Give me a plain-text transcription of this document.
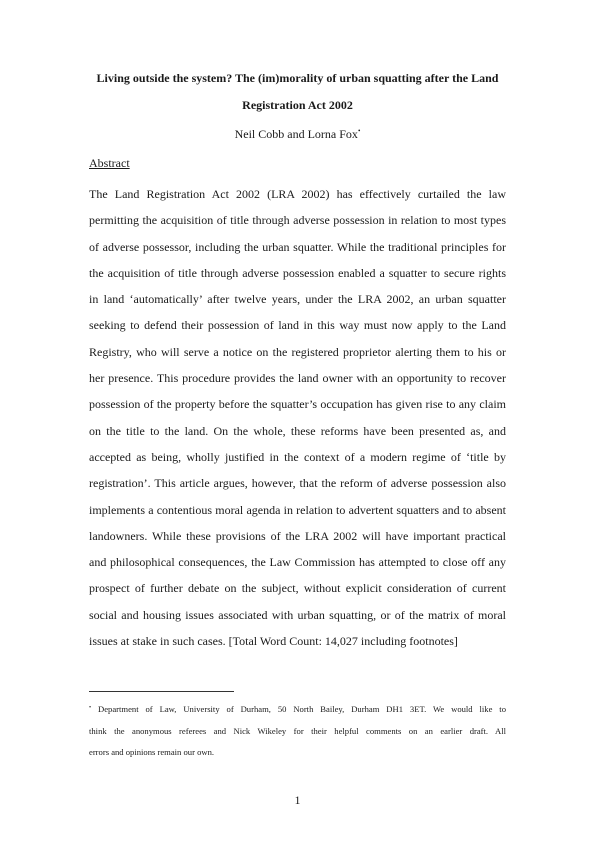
Living outside the system? The (im)morality of urban squatting after the Land
Registration Act 2002
Neil Cobb and Lorna Fox•
Abstract
The Land Registration Act 2002 (LRA 2002) has effectively curtailed the law
permitting the acquisition of title through adverse possession in relation to most types
of adverse possessor, including the urban squatter. While the traditional principles for
the acquisition of title through adverse possession enabled a squatter to secure rights
in land ‘automatically’ after twelve years, under the LRA 2002, an urban squatter
seeking to defend their possession of land in this way must now apply to the Land
Registry, who will serve a notice on the registered proprietor alerting them to his or
her presence. This procedure provides the land owner with an opportunity to recover
possession of the property before the squatter’s occupation has given rise to any claim
on the title to the land. On the whole, these reforms have been presented as, and
accepted as being, wholly justified in the context of a modern regime of ‘title by
registration’. This article argues, however, that the reform of adverse possession also
implements a contentious moral agenda in relation to advertent squatters and to absent
landowners. While these provisions of the LRA 2002 will have important practical
and philosophical consequences, the Law Commission has attempted to close off any
prospect of further debate on the subject, without explicit consideration of current
social and housing issues associated with urban squatting, or of the matrix of moral
issues at stake in such cases. [Total Word Count: 14,027 including footnotes]
• Department of Law, University of Durham, 50 North Bailey, Durham DH1 3ET. We would like to
think the anonymous referees and Nick Wikeley for their helpful comments on an earlier draft. All
errors and opinions remain our own.
1
